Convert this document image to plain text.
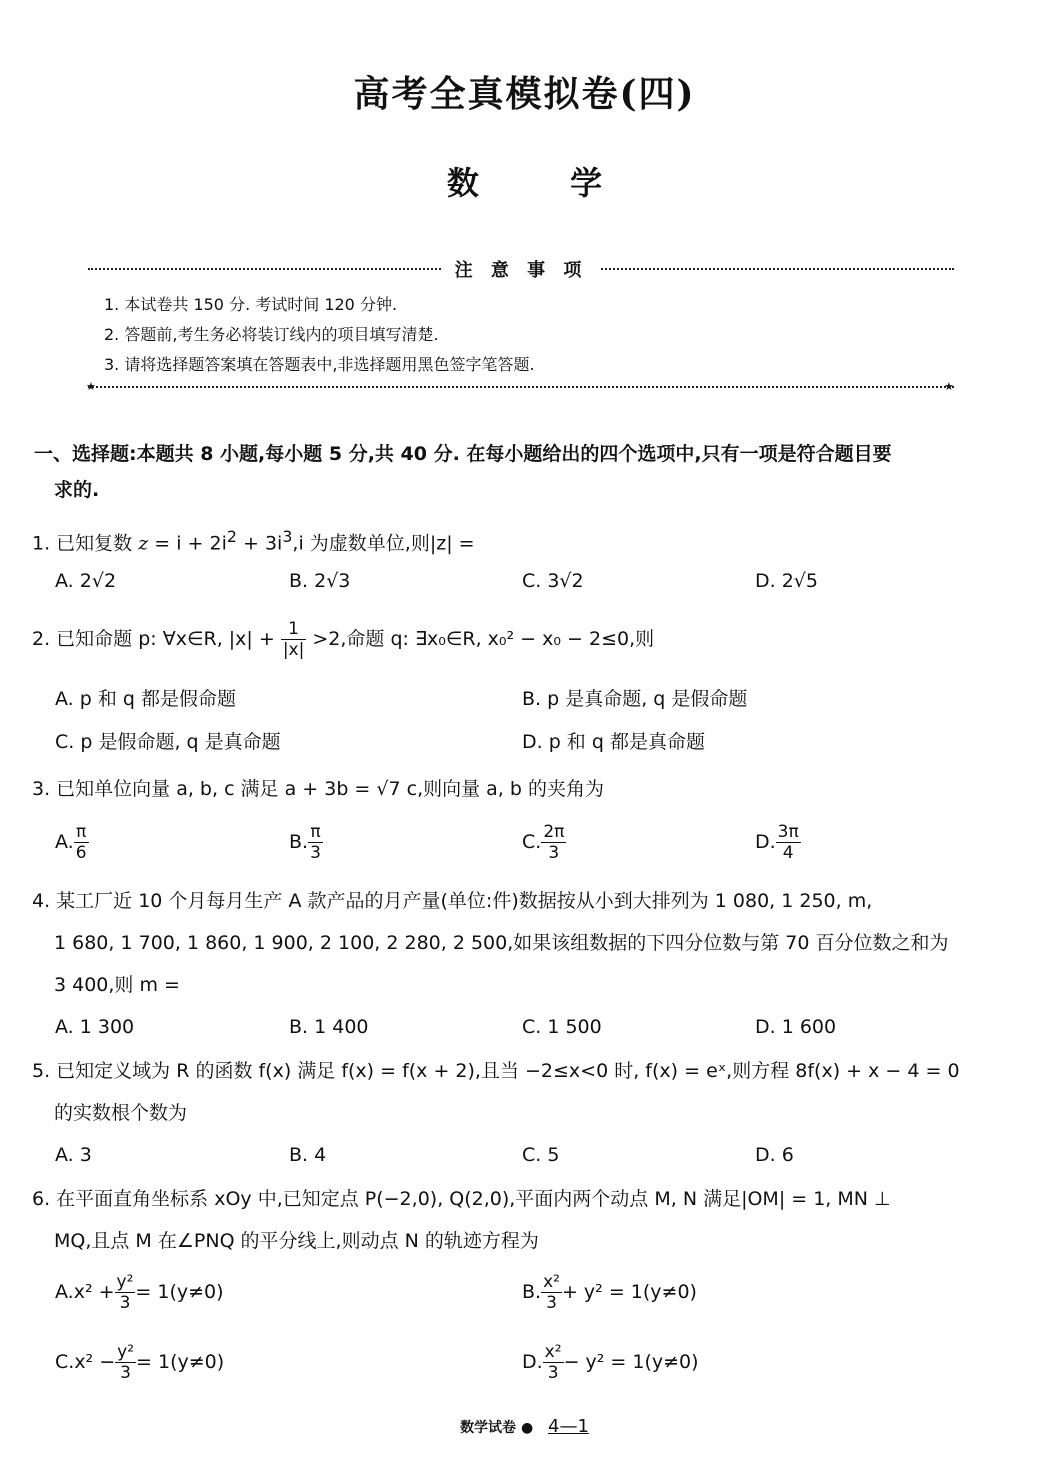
高考全真模拟卷(四)
数 学
注 意 事 项
1. 本试卷共 150 分. 考试时间 120 分钟.
2. 答题前,考生务必将装订线内的项目填写清楚.
3. 请将选择题答案填在答题表中,非选择题用黑色签字笔答题.
★	★
一、选择题:本题共 8 小题,每小题 5 分,共 40 分. 在每小题给出的四个选项中,只有一项是符合题目要
求的.
1. 已知复数 $z = i + 2i^2 + 3i^3,i$ 为虚数单位,则|z| =
A. 2√2	B. 2√3	C. 3√2	D. 2√5
2. 已知命题 p: ∀x∈R, $|x| + \frac{1}{|x|} >2$,命题 q: ∃x₀∈R, x₀² − x₀ − 2≤0,则
A. p 和 q 都是假命题	B. p 是真命题, q 是假命题
C. p 是假命题, q 是真命题	D. p 和 q 都是真命题
3. 已知单位向量 a, b, c 满足 a + 3b = √7 c,则向量 a, b 的夹角为
A. $\frac{\pi}{6}$	B. $\frac{\pi}{3}$	C. $\frac{2\pi}{3}$	D. $\frac{3\pi}{4}$
4. 某工厂近 10 个月每月生产 A 款产品的月产量(单位:件)数据按从小到大排列为 1 080, 1 250, m,
1 680, 1 700, 1 860, 1 900, 2 100, 2 280, 2 500,如果该组数据的下四分位数与第 70 百分位数之和为
3 400,则 m =
A. 1 300	B. 1 400	C. 1 500	D. 1 600
5. 已知定义域为 R 的函数 f(x) 满足 f(x) = f(x + 2),且当 −2≤x<0 时, f(x) = eˣ,则方程 8f(x) + x − 4 = 0
的实数根个数为
A. 3	B. 4	C. 5	D. 6
6. 在平面直角坐标系 xOy 中,已知定点 P(−2,0), Q(2,0),平面内两个动点 M, N 满足|OM| = 1, MN ⊥
MQ,且点 M 在∠PNQ 的平分线上,则动点 N 的轨迹方程为
$A.x^2 + \frac{\text{y²}}{3} = 1(y\ne 0)$	B. $\frac{\text{x²}}{3} + y^2 = 1(y\ne 0)$
$C.x^2 - \frac{\text{y²}}{3} = 1(y\ne 0)$	D. $\frac{\text{x²}}{3} - y^2 = 1(y\ne 0)$
数学试卷 ● 4—1
